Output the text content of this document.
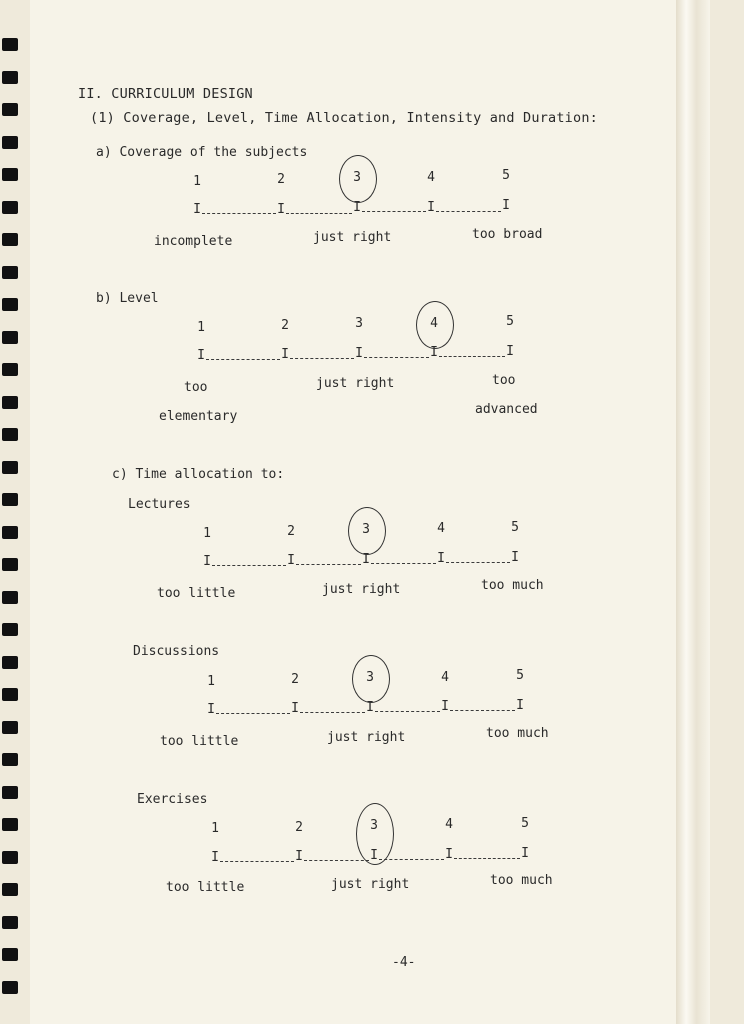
II. CURRICULUM DESIGN
(1) Coverage, Level, Time Allocation, Intensity and Duration:
a) Coverage of the subjects
1
I
2
I
3
I
4
I
5
I
incomplete	just right	too broad
b) Level
1
I
2
I
3
I
4
I
5
I
too
elementary
just right	too
advanced
c) Time allocation to:
Lectures
1
I
2
I
3
I
4
I
5
I
too little	just right	too much
Discussions
1
I
2
I
3
I
4
I
5
I
too little	just right	too much
Exercises
1
I
2
I
3
I
4
I
5
I
too little	just right	too much
-4-
